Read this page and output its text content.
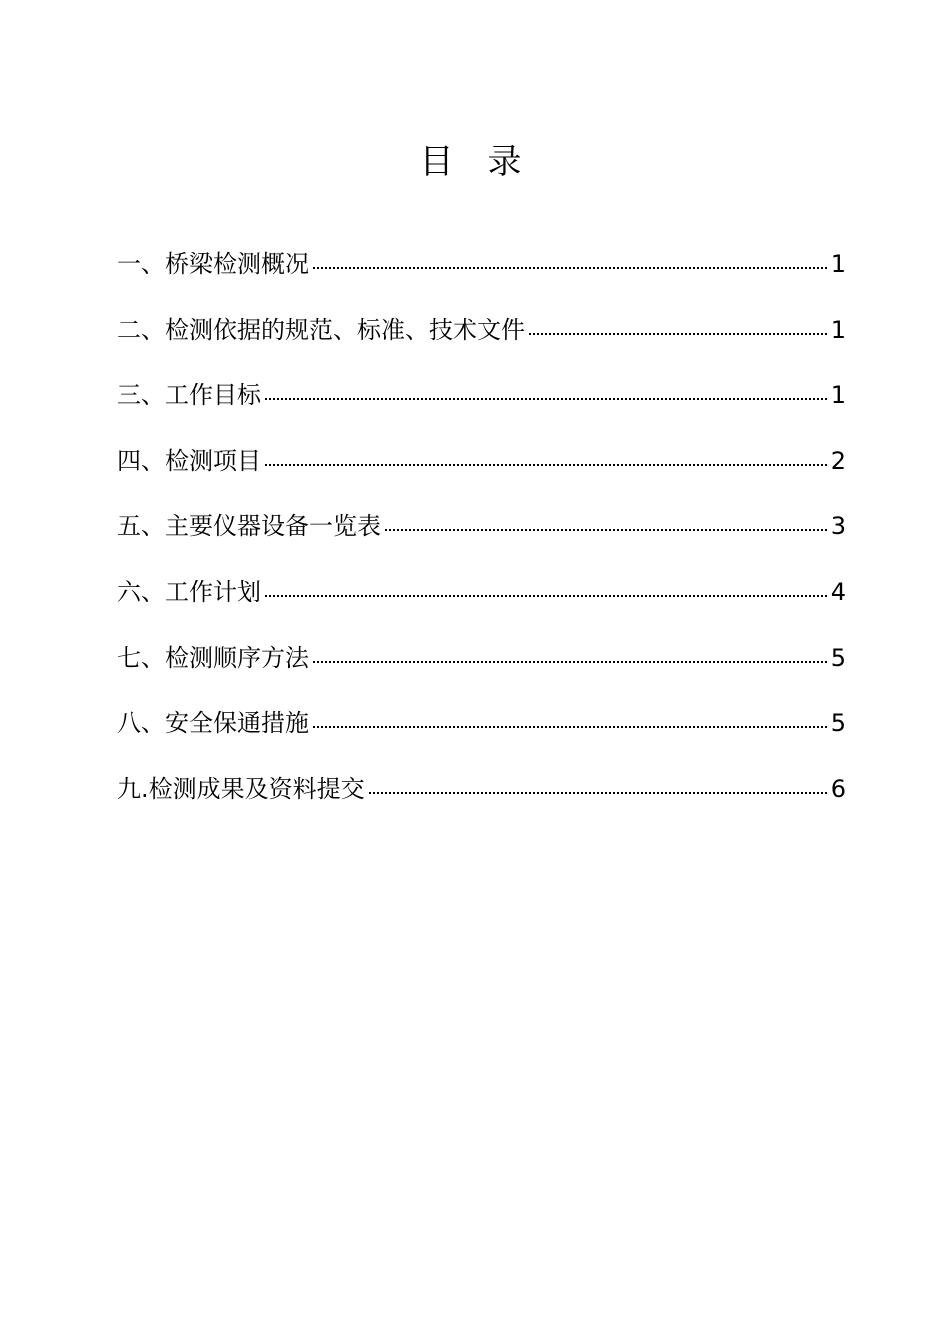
目录
一、桥梁检测概况	1
二、检测依据的规范、标准、技术文件	1
三、工作目标	1
四、检测项目	2
五、主要仪器设备一览表	3
六、工作计划	4
七、检测顺序方法	5
八、安全保通措施	5
九.检测成果及资料提交	6
